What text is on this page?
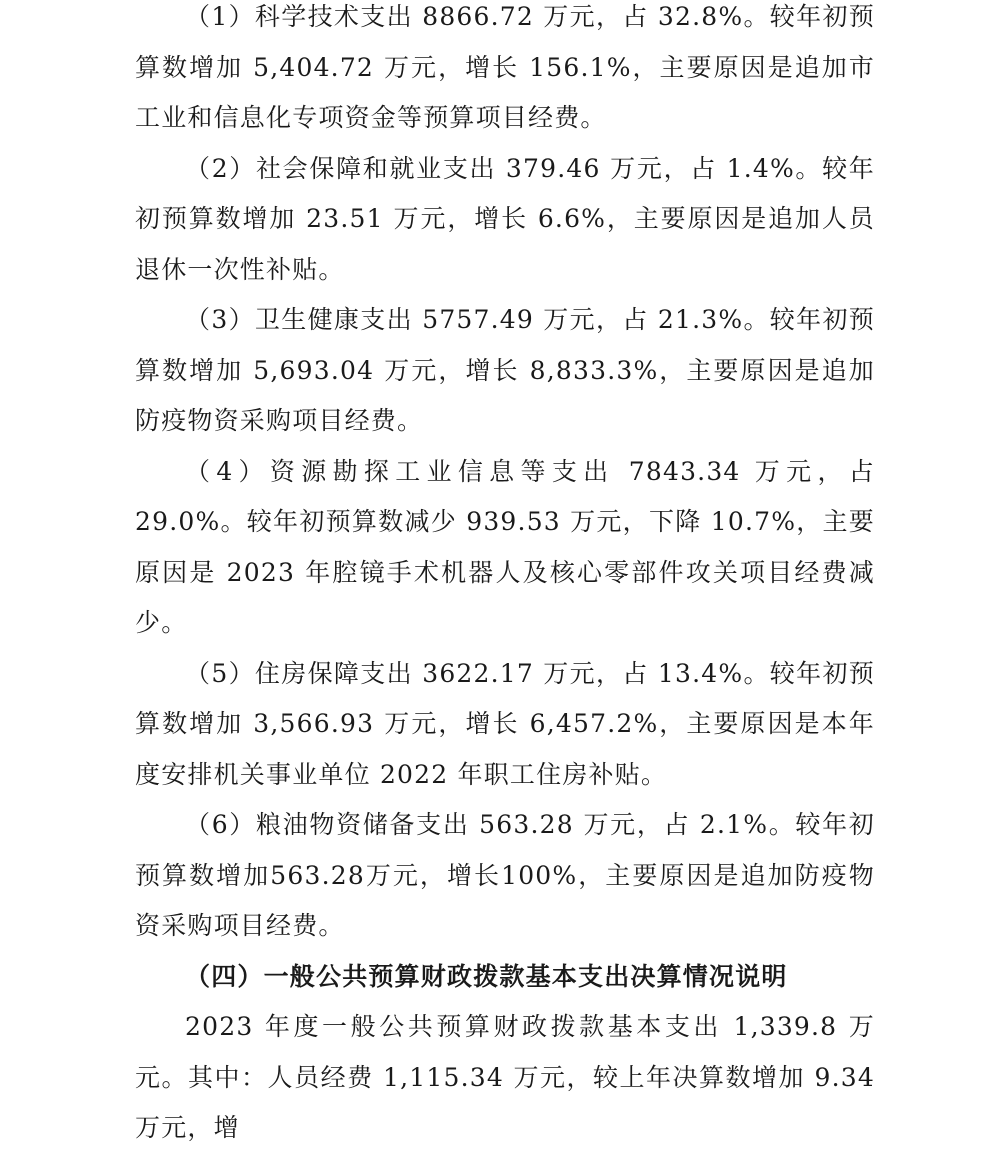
（1）科学技术支出 8866.72 万元，占 32.8%。较年初预算数增加 5,404.72 万元，增长 156.1%，主要原因是追加市工业和信息化专项资金等预算项目经费。

（2）社会保障和就业支出 379.46 万元，占 1.4%。较年初预算数增加 23.51 万元，增长 6.6%，主要原因是追加人员退休一次性补贴。

（3）卫生健康支出 5757.49 万元，占 21.3%。较年初预算数增加 5,693.04 万元，增长 8,833.3%，主要原因是追加防疫物资采购项目经费。

（4）资源勘探工业信息等支出 7843.34 万元，占 29.0%。较年初预算数减少 939.53 万元，下降 10.7%，主要原因是 2023 年腔镜手术机器人及核心零部件攻关项目经费减少。

（5）住房保障支出 3622.17 万元，占 13.4%。较年初预算数增加 3,566.93 万元，增长 6,457.2%，主要原因是本年度安排机关事业单位 2022 年职工住房补贴。

（6）粮油物资储备支出 563.28 万元，占 2.1%。较年初预算数增加563.28万元，增长100%，主要原因是追加防疫物资采购项目经费。

（四）一般公共预算财政拨款基本支出决算情况说明

2023 年度一般公共预算财政拨款基本支出 1,339.8 万元。其中：人员经费 1,115.34 万元，较上年决算数增加 9.34 万元，增
